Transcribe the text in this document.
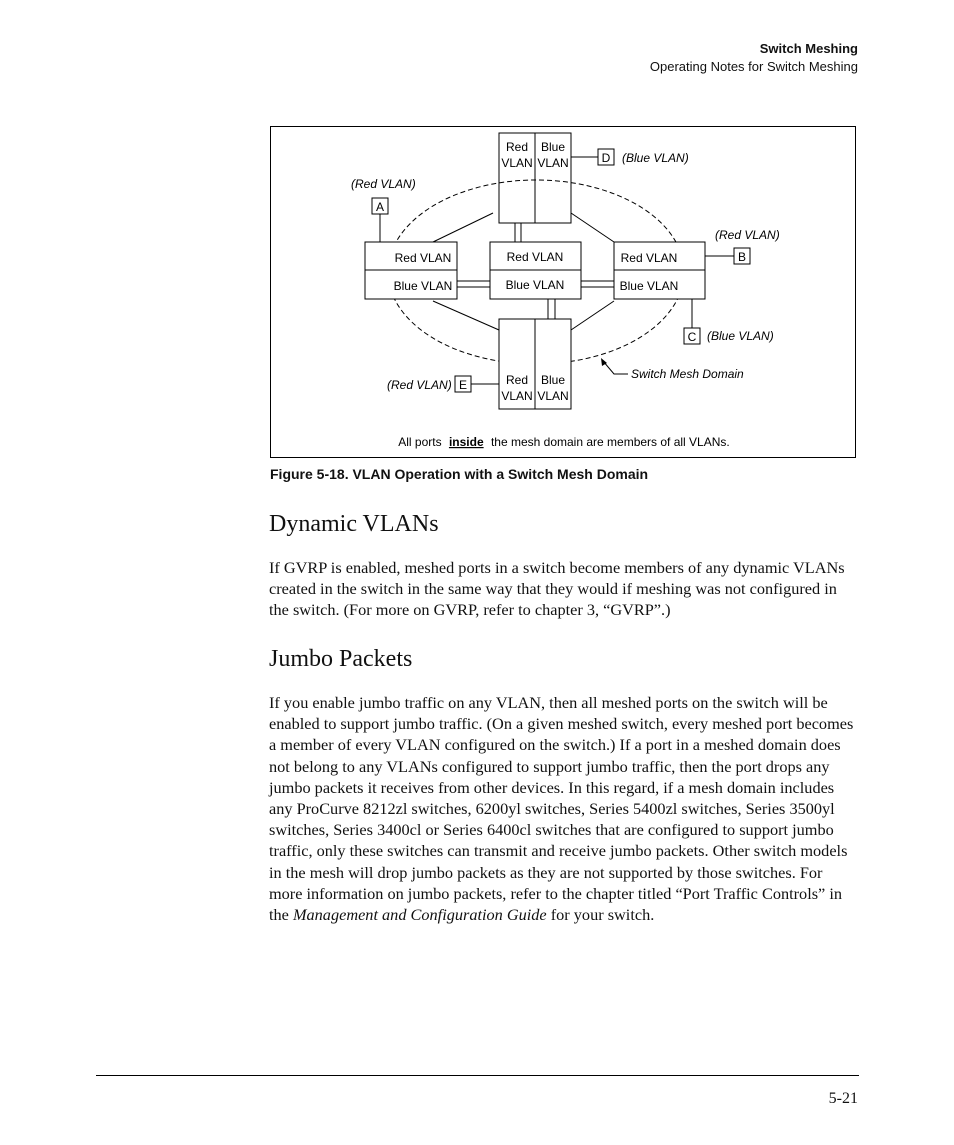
Switch Meshing
Operating Notes for Switch Meshing
Red
VLAN
Blue
VLAN	D (Blue VLAN)
(Red VLAN)
A
Red VLAN
Blue VLAN
Red VLAN
Blue VLAN
Red VLAN
Blue VLAN
(Red VLAN)
B
C (Blue VLAN)
Red
VLAN
Blue
VLAN
(Red VLAN) E
Switch Mesh Domain
All ports inside the mesh domain are members of all VLANs.
Figure 5-18. VLAN Operation with a Switch Mesh Domain
Dynamic VLANs

If GVRP is enabled, meshed ports in a switch become members of any dynamic VLANs created in the switch in the same way that they would if meshing was not configured in the switch. (For more on GVRP, refer to chapter 3, “GVRP”.)

Jumbo Packets

If you enable jumbo traffic on any VLAN, then all meshed ports on the switch will be enabled to support jumbo traffic. (On a given meshed switch, every meshed port becomes a member of every VLAN configured on the switch.) If a port in a meshed domain does not belong to any VLANs configured to support jumbo traffic, then the port drops any jumbo packets it receives from other devices. In this regard, if a mesh domain includes any ProCurve 8212zl switches, 6200yl switches, Series 5400zl switches, Series 3500yl switches, Series 3400cl or Series 6400cl switches that are configured to support jumbo traffic, only these switches can transmit and receive jumbo packets. Other switch models in the mesh will drop jumbo packets as they are not supported by those switches. For more information on jumbo packets, refer to the chapter titled “Port Traffic Controls” in the Management and Configuration Guide for your switch.

5-21
